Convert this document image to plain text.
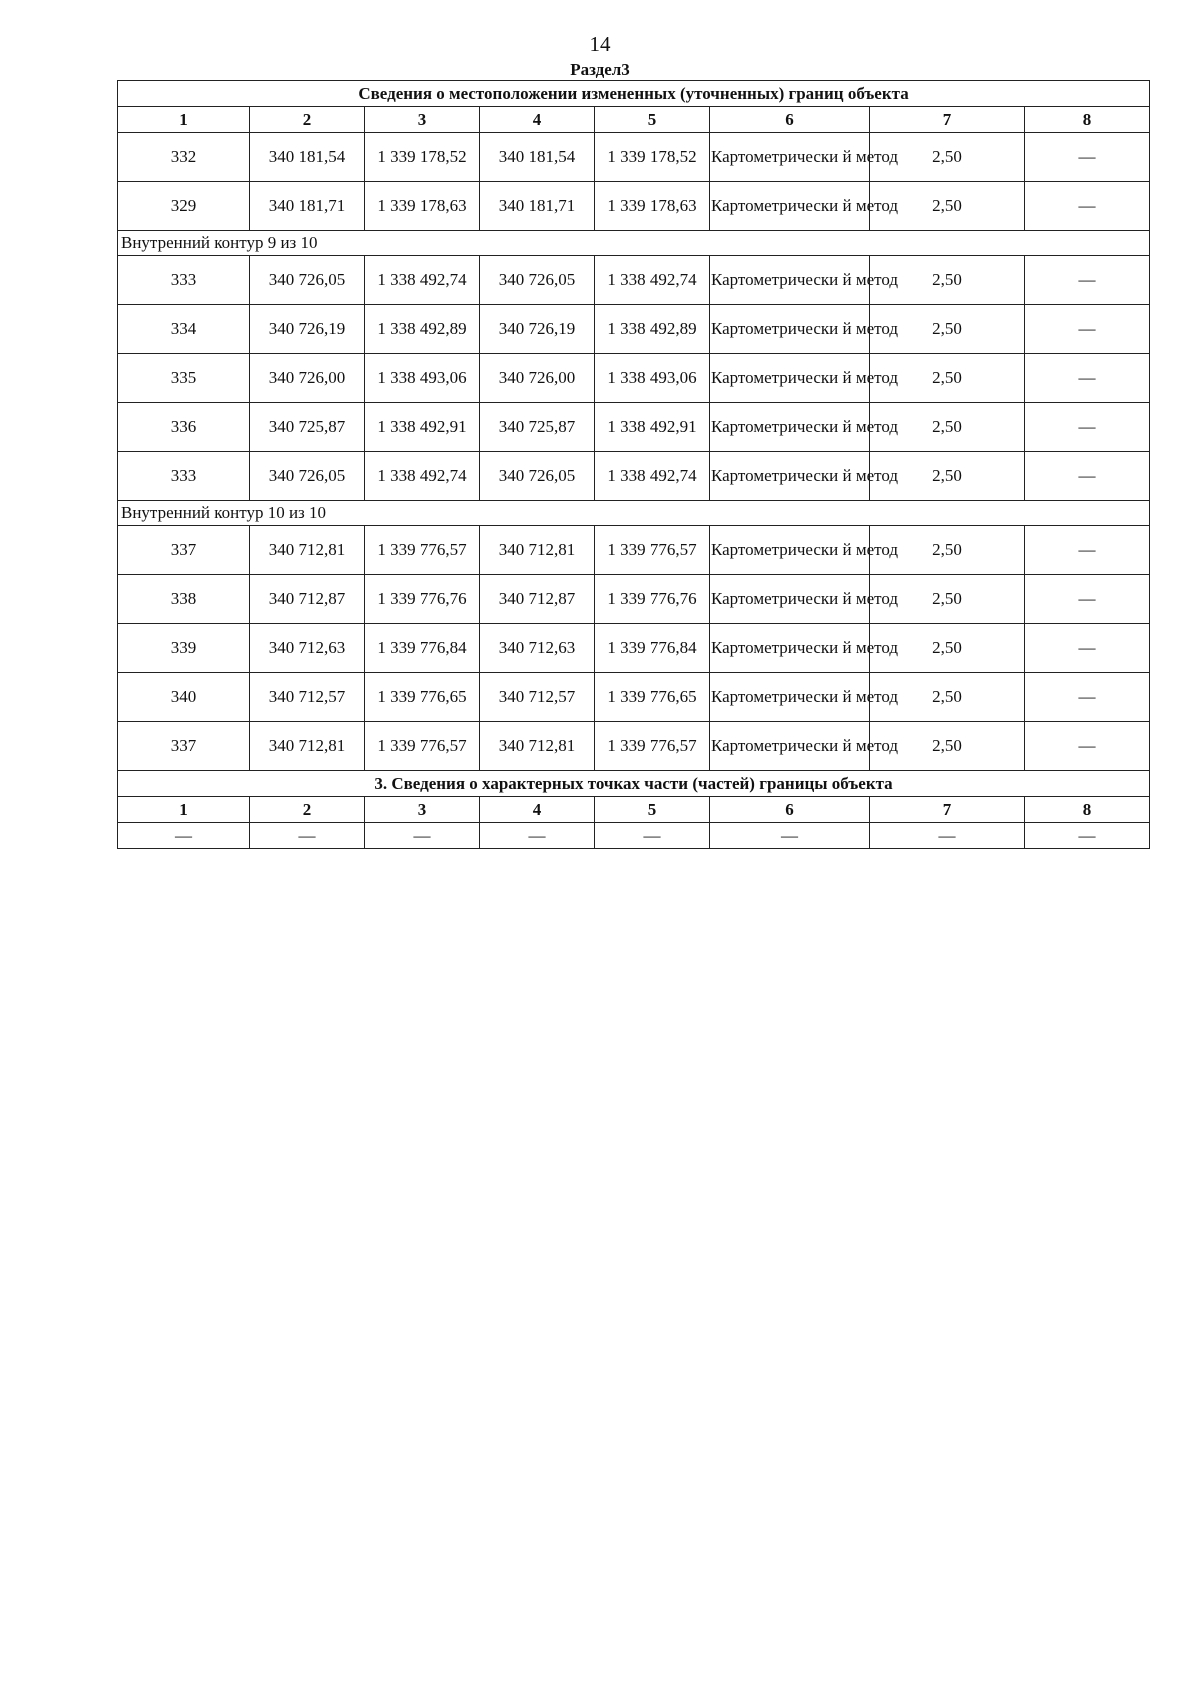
14
Раздел3
Сведения о местоположении измененных (уточненных) границ объекта							
1	2	3	4	5	6	7	8
332	340 181,54	1 339 178,52	340 181,54	1 339 178,52	Картометрически й метод	2,50	—
329	340 181,71	1 339 178,63	340 181,71	1 339 178,63	Картометрически й метод	2,50	—
Внутренний контур 9 из 10							
333	340 726,05	1 338 492,74	340 726,05	1 338 492,74	Картометрически й метод	2,50	—
334	340 726,19	1 338 492,89	340 726,19	1 338 492,89	Картометрически й метод	2,50	—
335	340 726,00	1 338 493,06	340 726,00	1 338 493,06	Картометрически й метод	2,50	—
336	340 725,87	1 338 492,91	340 725,87	1 338 492,91	Картометрически й метод	2,50	—
333	340 726,05	1 338 492,74	340 726,05	1 338 492,74	Картометрически й метод	2,50	—
Внутренний контур 10 из 10							
337	340 712,81	1 339 776,57	340 712,81	1 339 776,57	Картометрически й метод	2,50	—
338	340 712,87	1 339 776,76	340 712,87	1 339 776,76	Картометрически й метод	2,50	—
339	340 712,63	1 339 776,84	340 712,63	1 339 776,84	Картометрически й метод	2,50	—
340	340 712,57	1 339 776,65	340 712,57	1 339 776,65	Картометрически й метод	2,50	—
337	340 712,81	1 339 776,57	340 712,81	1 339 776,57	Картометрически й метод	2,50	—
3. Сведения о характерных точках части (частей) границы объекта							
1	2	3	4	5	6	7	8
—	—	—	—	—	—	—	—
